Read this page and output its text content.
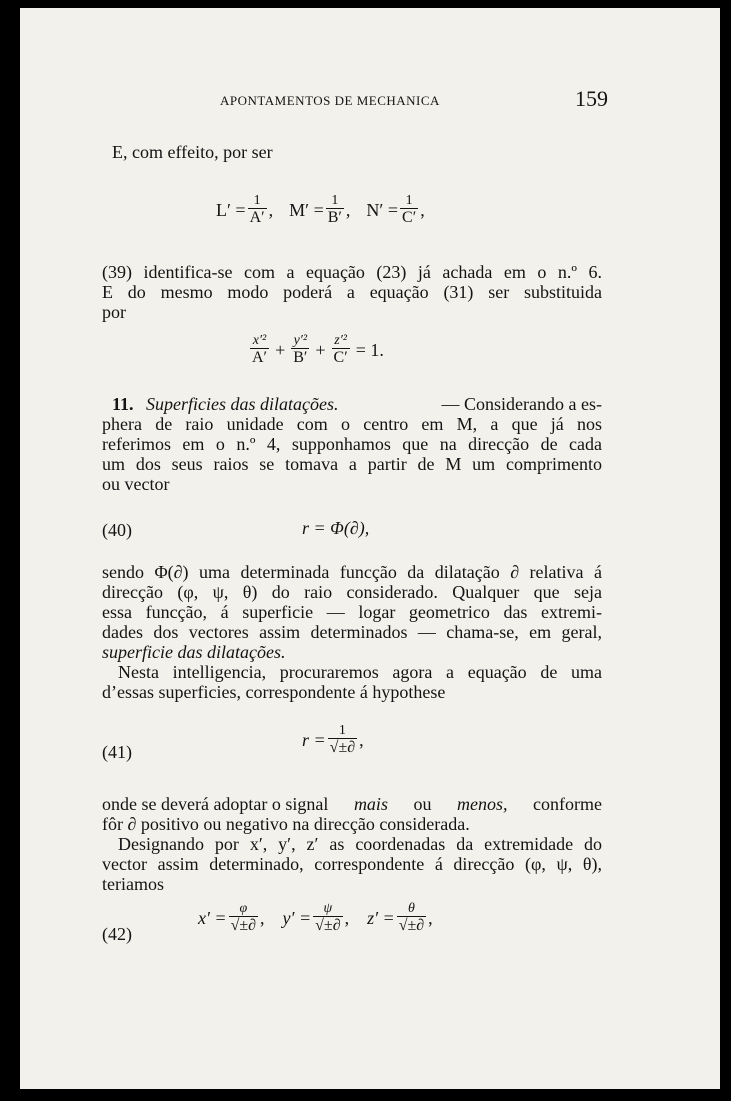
APONTAMENTOS DE MECHANICA	159
E, com effeito, por ser
$L' = \frac{1}{A'}$ , $M' = \frac{1}{B'}$ , $N' = \frac{1}{C'}$ ,
(39) identifica-se com a equação (23) já achada em o n.º 6.
E do mesmo modo poderá a equação (31) ser substituida
por
$\frac{\text{x′²}}{A'} + \frac{\text{y′²}}{B'} + \frac{\text{z′²}}{C'} = 1$.
11. Superficies das dilatações.	— Considerando a es-
phera de raio unidade com o centro em M, a que já nos
referimos em o n.º 4, supponhamos que na direcção de cada
um dos seus raios se tomava a partir de M um comprimento
ou vector
(40)	r = Φ(∂),
sendo Φ(∂) uma determinada funcção da dilatação ∂ relativa á
direcção (φ, ψ, θ) do raio considerado. Qualquer que seja
essa funcção, á superficie — logar geometrico das extremi-
dades dos vectores assim determinados — chama-se, em geral,
superficie das dilatações.
Nesta intelligencia, procuraremos agora a equação de uma
d’essas superficies, correspondente á hypothese
(41)
$r = \frac{1}{√\pm\partial}$ ,
onde se deverá adoptar o signal mais ou menos, conforme
fôr ∂ positivo ou negativo na direcção considerada.
Designando por x′, y′, z′ as coordenadas da extremidade do
vector assim determinado, correspondente á direcção (φ, ψ, θ),
teriamos
(42)
$x' = \frac{\varphi}{√\pm\partial}$ , $y' = \frac{\psi}{√\pm\partial}$ , $z' = \frac{\theta}{√\pm\partial}$ ,
